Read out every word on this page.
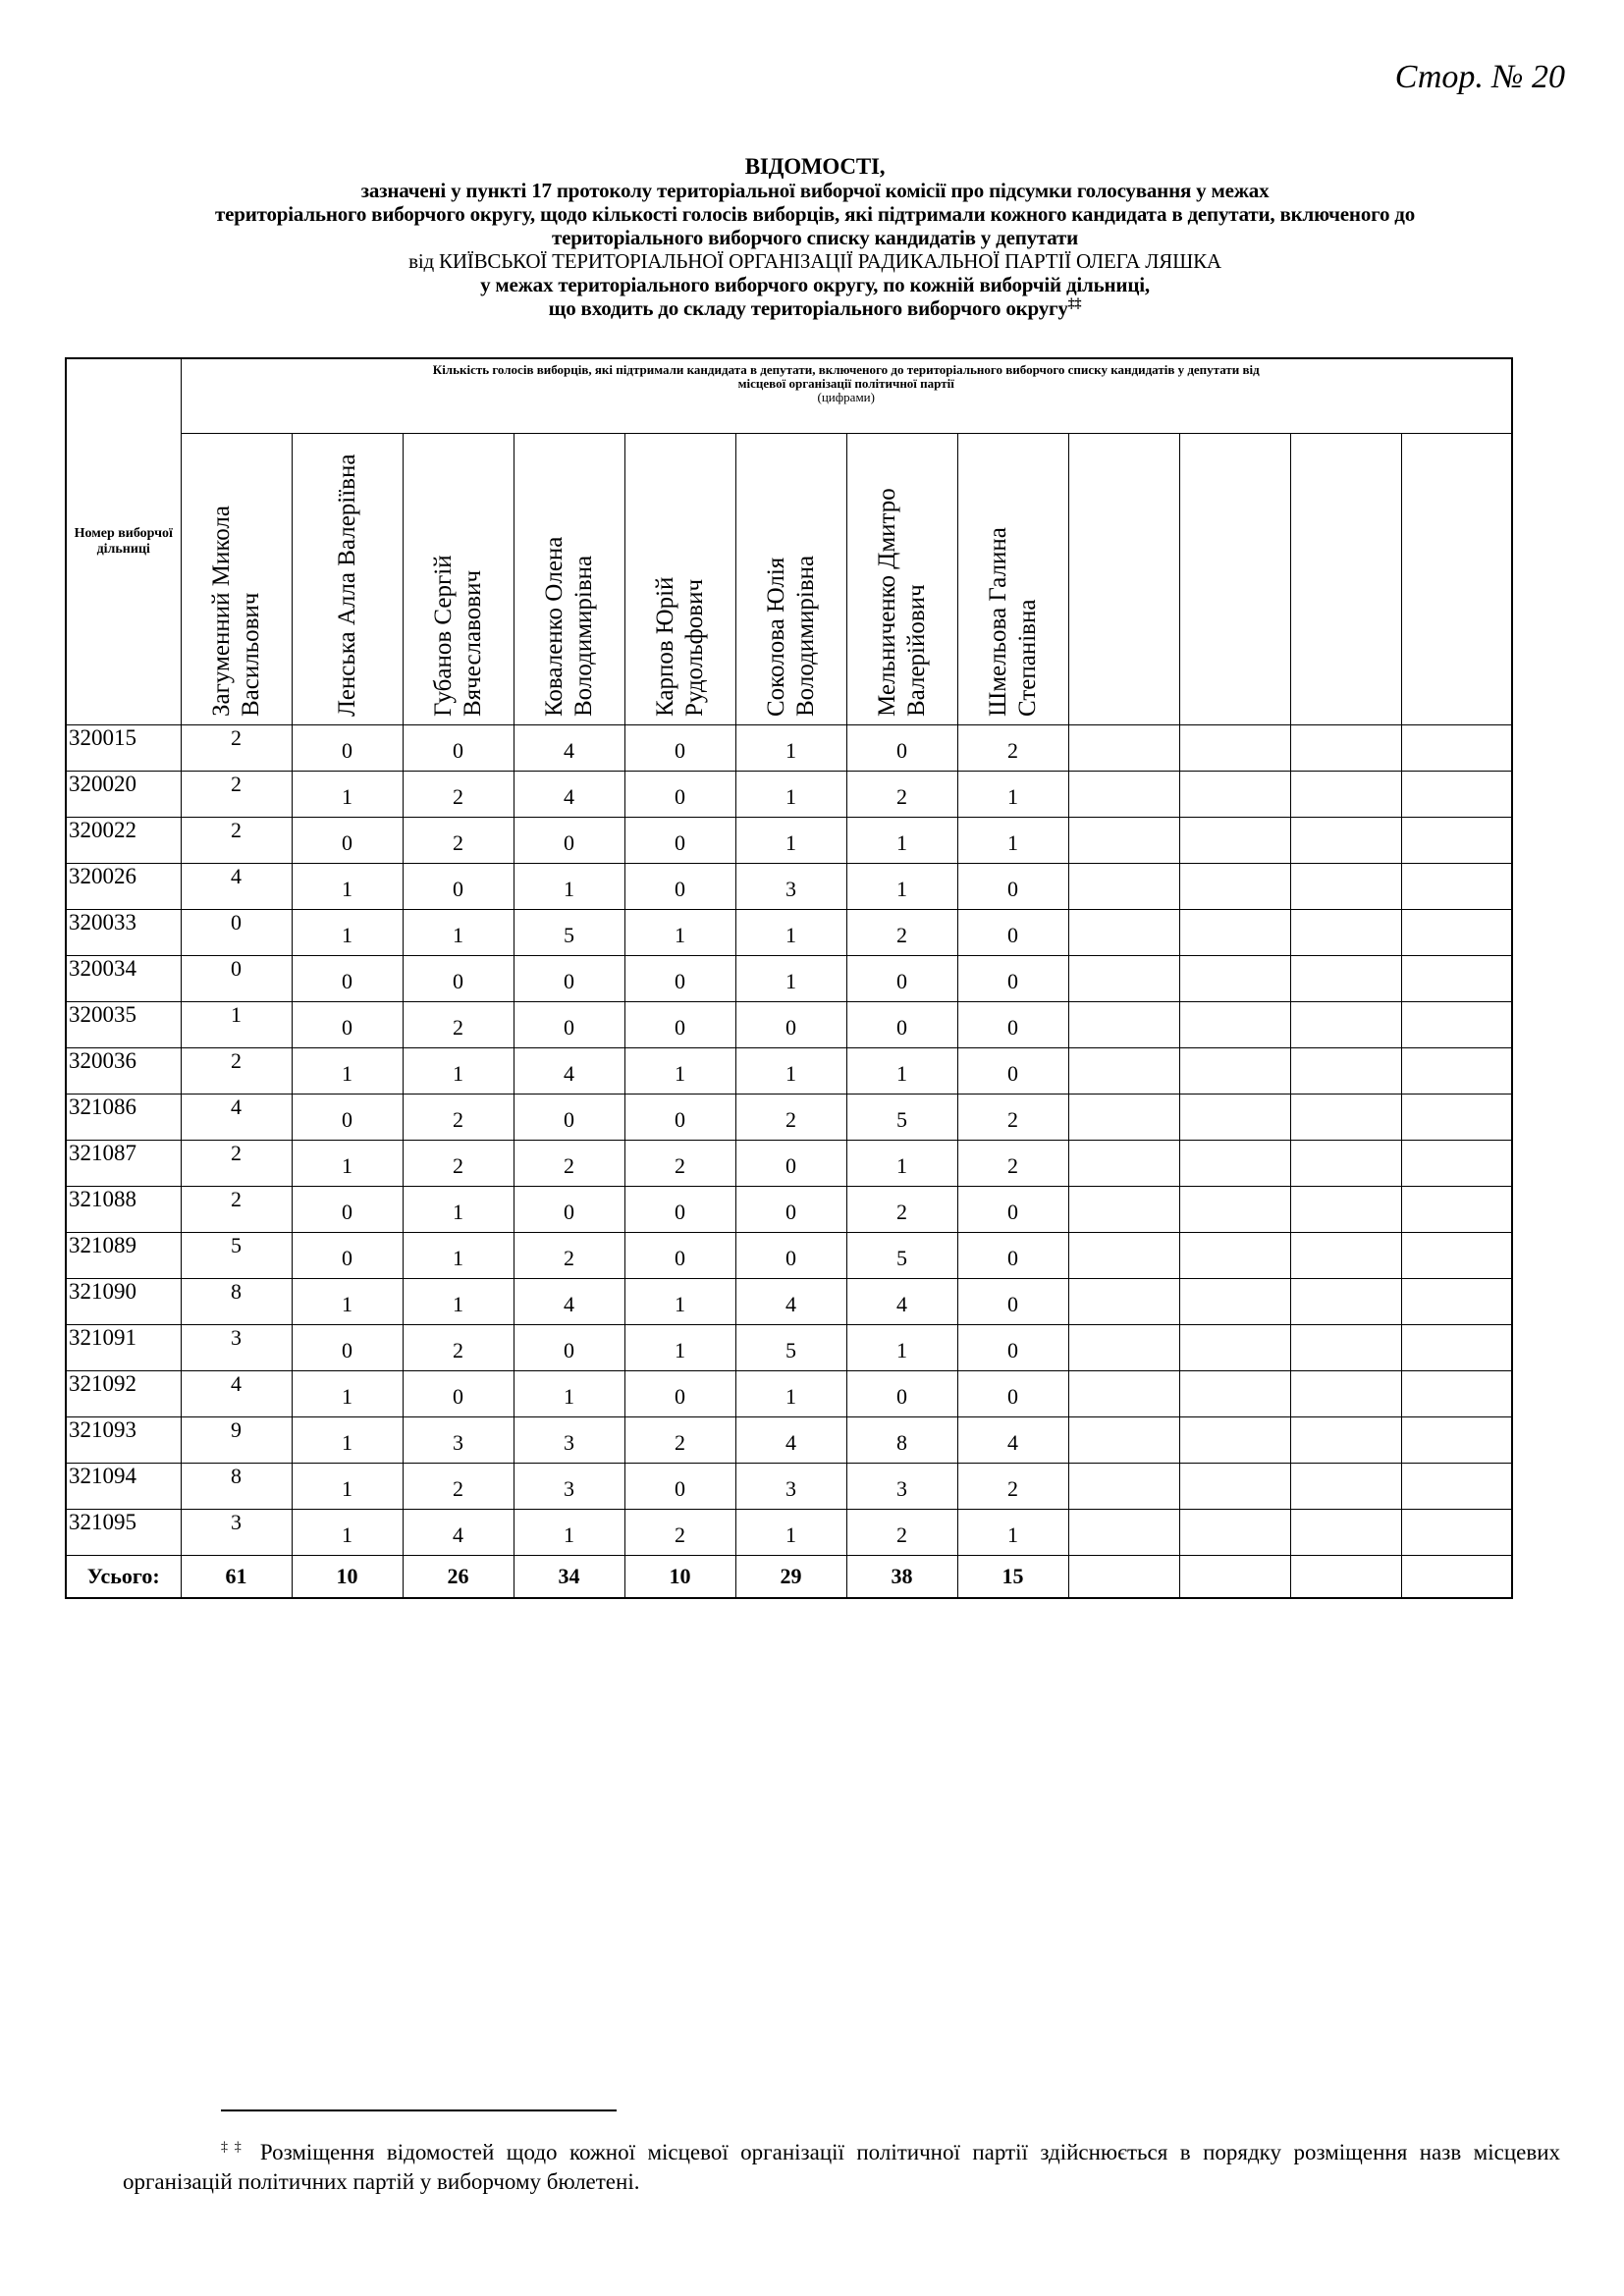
Стор. № 20
ВІДОМОСТІ,
зазначені у пункті 17 протоколу територіальної виборчої комісії про підсумки голосування у межах
територіального виборчого округу, щодо кількості голосів виборців, які підтримали кожного кандидата в депутати, включеного до
територіального виборчого списку кандидатів у депутати
від КИЇВСЬКОЇ ТЕРИТОРІАЛЬНОЇ ОРГАНІЗАЦІЇ РАДИКАЛЬНОЇ ПАРТІЇ ОЛЕГА ЛЯШКА
у межах територіального виборчого округу, по кожній виборчій дільниці,
що входить до складу територіального виборчого округу‡‡
Номер виборчої дільниці	Кількість голосів виборців, які підтримали кандидата в депутати, включеного до територіального виборчого списку кандидатів у депутати від місцевої організації політичної партії
(цифрами)											

	Загуменний Микола Васильович	Ленська Алла Валеріївна	Губанов Сергій Вячеславович	Коваленко Олена Володимирівна	Карпов Юрій Рудольфович	Соколова Юлія Володимирівна	Мельниченко Дмитро Валерійович	Шмельова Галина Степанівна				

320015	2	0	0	4	0	1	0	2				
320020	2	1	2	4	0	1	2	1				
320022	2	0	2	0	0	1	1	1				
320026	4	1	0	1	0	3	1	0				
320033	0	1	1	5	1	1	2	0				
320034	0	0	0	0	0	1	0	0				
320035	1	0	2	0	0	0	0	0				
320036	2	1	1	4	1	1	1	0				
321086	4	0	2	0	0	2	5	2				
321087	2	1	2	2	2	0	1	2				
321088	2	0	1	0	0	0	2	0				
321089	5	0	1	2	0	0	5	0				
321090	8	1	1	4	1	4	4	0				
321091	3	0	2	0	1	5	1	0				
321092	4	1	0	1	0	1	0	0				
321093	9	1	3	3	2	4	8	4				
321094	8	1	2	3	0	3	3	2				
321095	3	1	4	1	2	1	2	1				
Усього:	61	10	26	34	10	29	38	15				
‡‡ Розміщення відомостей щодо кожної місцевої організації політичної партії здійснюється в порядку розміщення назв місцевих організацій політичних партій у виборчому бюлетені.
